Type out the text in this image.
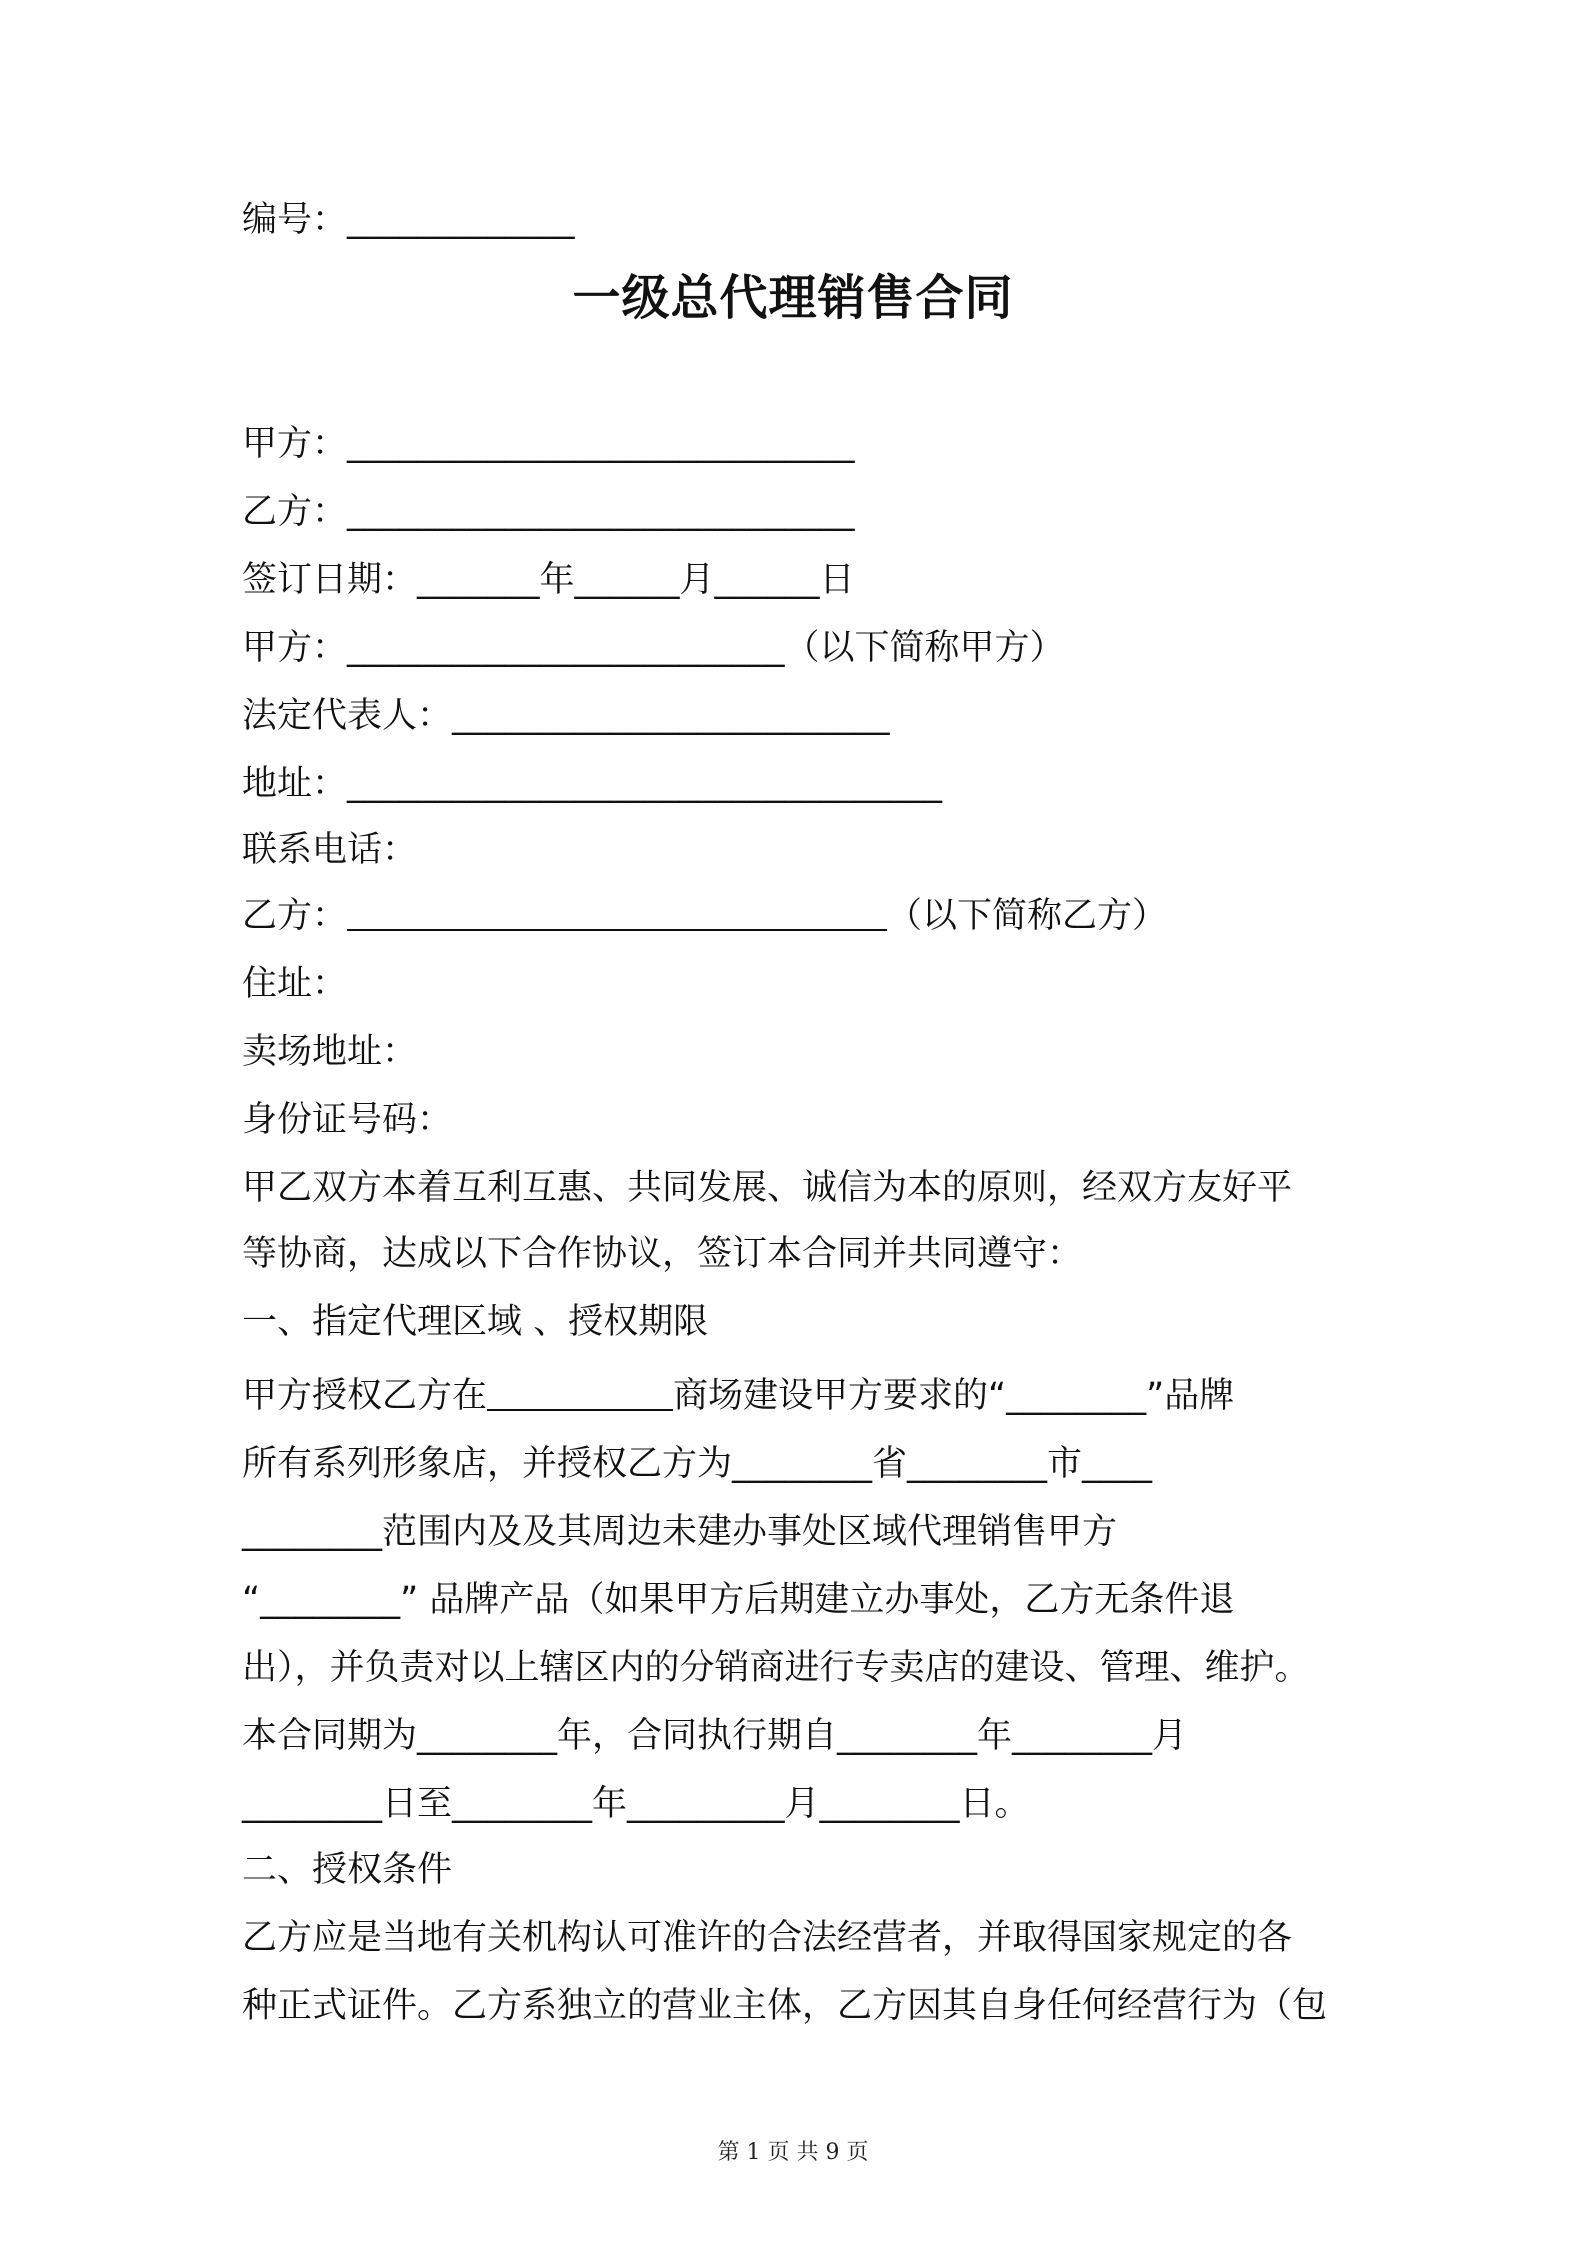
编号：_____________
一级总代理销售合同
甲方：_____________________________
乙方：_____________________________
签订日期：_______年______月______日
甲方：_________________________（以下简称甲方）
法定代表人：_________________________
地址：__________________________________
联系电话：
乙方：	（以下简称乙方）
住址：
卖场地址：
身份证号码：
甲乙双方本着互利互惠、共同发展、诚信为本的原则，经双方友好平
等协商，达成以下合作协议，签订本合同并共同遵守：
一、指定代理区域 、授权期限
甲方授权乙方在	商场建设甲方要求的“________”品牌
所有系列形象店，并授权乙方为________省________市____
________范围内及及其周边未建办事处区域代理销售甲方
“________” 品牌产品（如果甲方后期建立办事处，乙方无条件退
出），并负责对以上辖区内的分销商进行专卖店的建设、管理、维护。
本合同期为________年，合同执行期自________年________月
________日至________年_________月________日。
二、授权条件
乙方应是当地有关机构认可准许的合法经营者，并取得国家规定的各
种正式证件。乙方系独立的营业主体，乙方因其自身任何经营行为（包
第 1 页 共 9 页
